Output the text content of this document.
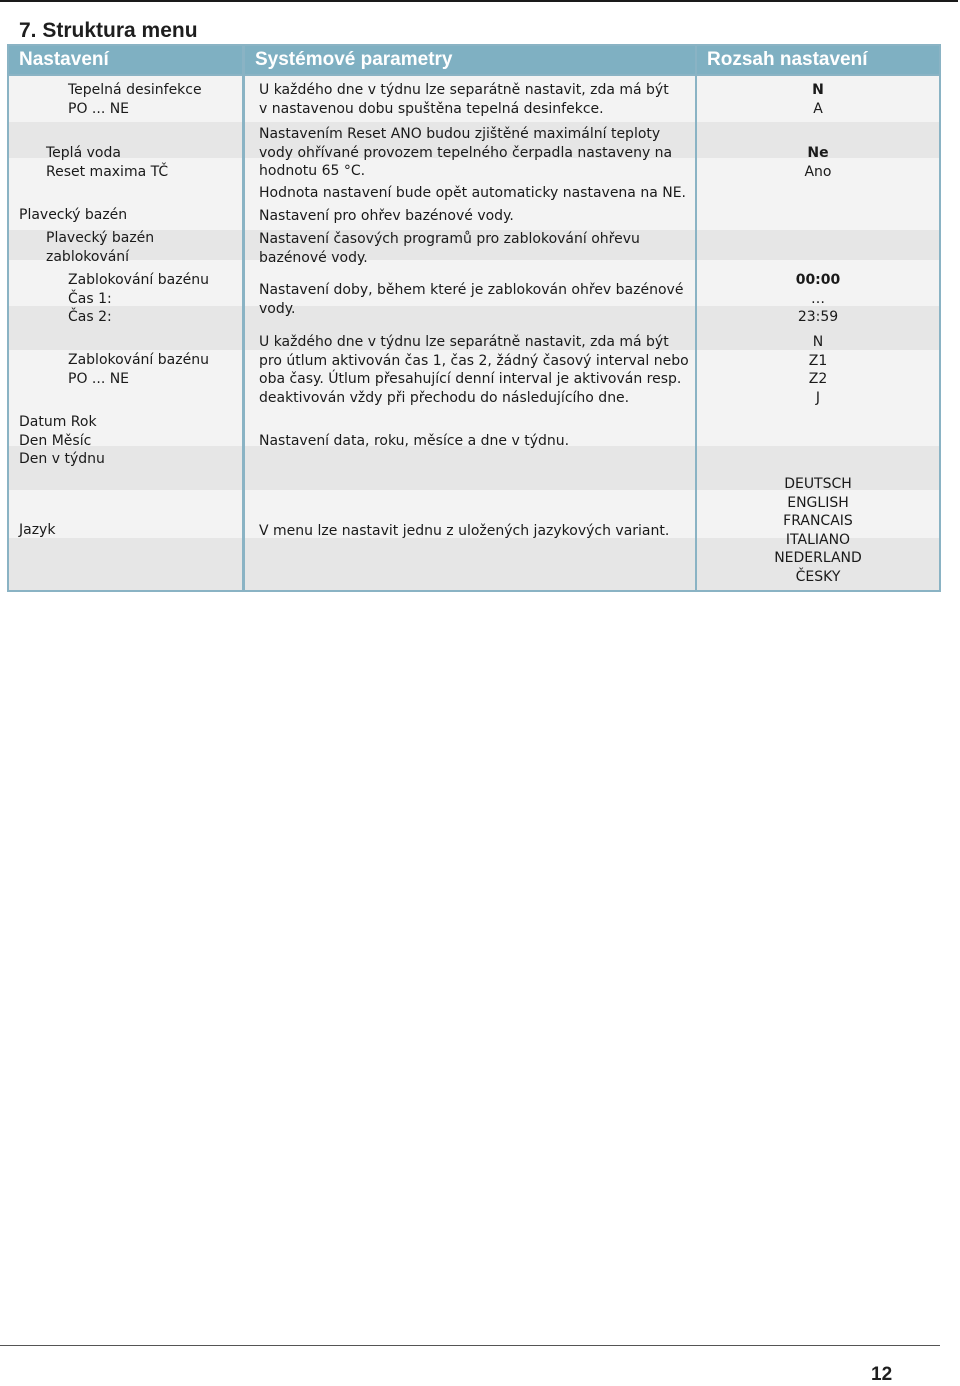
7. Struktura menu
Nastavení	Systémové parametry	Rozsah nastavení
Tepelná desinfekce
PO ... NE
Teplá voda
Reset maxima TČ
Plavecký bazén
Plavecký bazén
zablokování
Zablokování bazénu
Čas 1:
Čas 2:
Zablokování bazénu
PO ... NE
Datum Rok
Den Měsíc
Den v týdnu
Jazyk
U každého dne v týdnu lze separátně nastavit, zda má být
v nastavenou dobu spuštěna tepelná desinfekce.
Nastavením Reset ANO budou zjištěné maximální teploty
vody ohřívané provozem tepelného čerpadla nastaveny na
hodnotu 65 °C.
Hodnota nastavení bude opět automaticky nastavena na NE.
Nastavení pro ohřev bazénové vody.
Nastavení časových programů pro zablokování ohřevu
bazénové vody.
Nastavení doby, během které je zablokován ohřev bazénové
vody.
U každého dne v týdnu lze separátně nastavit, zda má být
pro útlum aktivován čas 1, čas 2, žádný časový interval nebo
oba časy. Útlum přesahující denní interval je aktivován resp.
deaktivován vždy při přechodu do následujícího dne.
Nastavení data, roku, měsíce a dne v týdnu.
V menu lze nastavit jednu z uložených jazykových variant.
N
A
Ne
Ano
00:00
…
23:59
N
Z1
Z2
J
DEUTSCH
ENGLISH
FRANCAIS
ITALIANO
NEDERLAND
ČESKY
12
